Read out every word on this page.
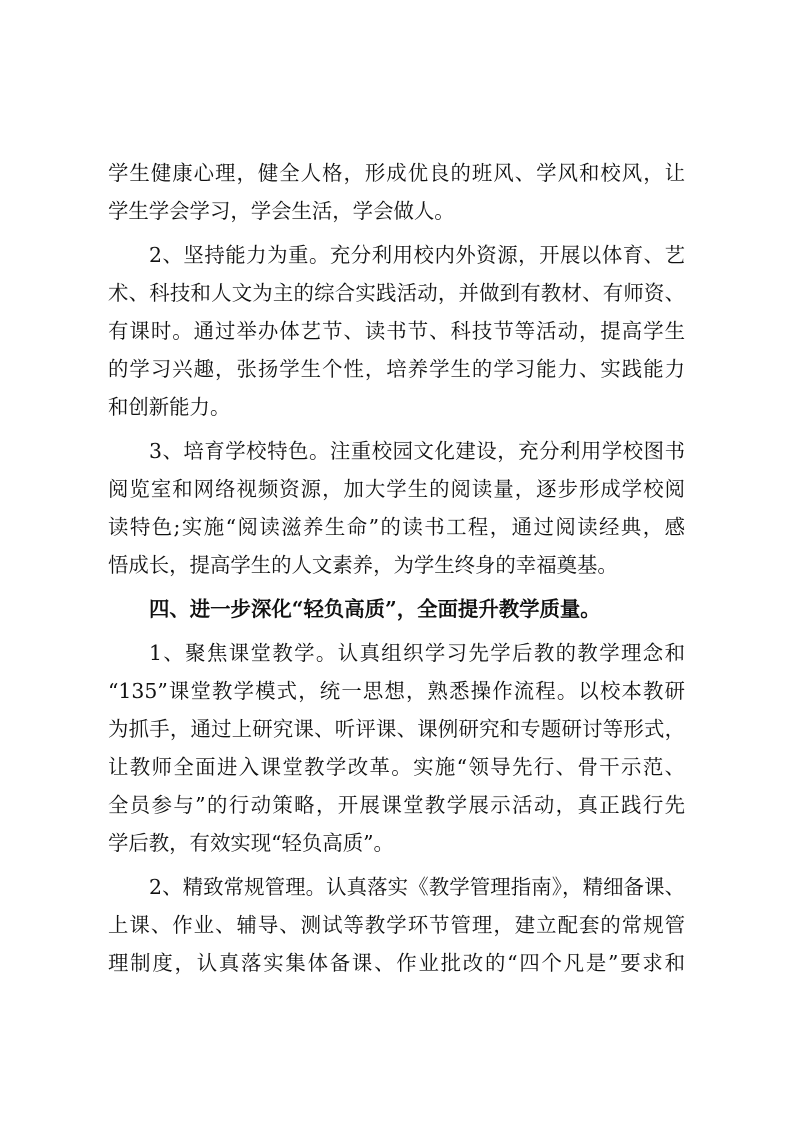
学生健康心理，健全人格，形成优良的班风、学风和校风，让
学生学会学习，学会生活，学会做人。
2、坚持能力为重。充分利用校内外资源，开展以体育、艺
术、科技和人文为主的综合实践活动，并做到有教材、有师资、
有课时。通过举办体艺节、读书节、科技节等活动，提高学生
的学习兴趣，张扬学生个性，培养学生的学习能力、实践能力
和创新能力。
3、培育学校特色。注重校园文化建设，充分利用学校图书
阅览室和网络视频资源，加大学生的阅读量，逐步形成学校阅
读特色;实施“阅读滋养生命”的读书工程，通过阅读经典，感
悟成长，提高学生的人文素养，为学生终身的幸福奠基。
四、进一步深化“轻负高质”，全面提升教学质量。
1、聚焦课堂教学。认真组织学习先学后教的教学理念和
“135”课堂教学模式，统一思想，熟悉操作流程。以校本教研
为抓手，通过上研究课、听评课、课例研究和专题研讨等形式，
让教师全面进入课堂教学改革。实施“领导先行、骨干示范、
全员参与”的行动策略，开展课堂教学展示活动，真正践行先
学后教，有效实现“轻负高质”。
2、精致常规管理。认真落实《教学管理指南》，精细备课、
上课、作业、辅导、测试等教学环节管理，建立配套的常规管
理制度，认真落实集体备课、作业批改的“四个凡是”要求和
